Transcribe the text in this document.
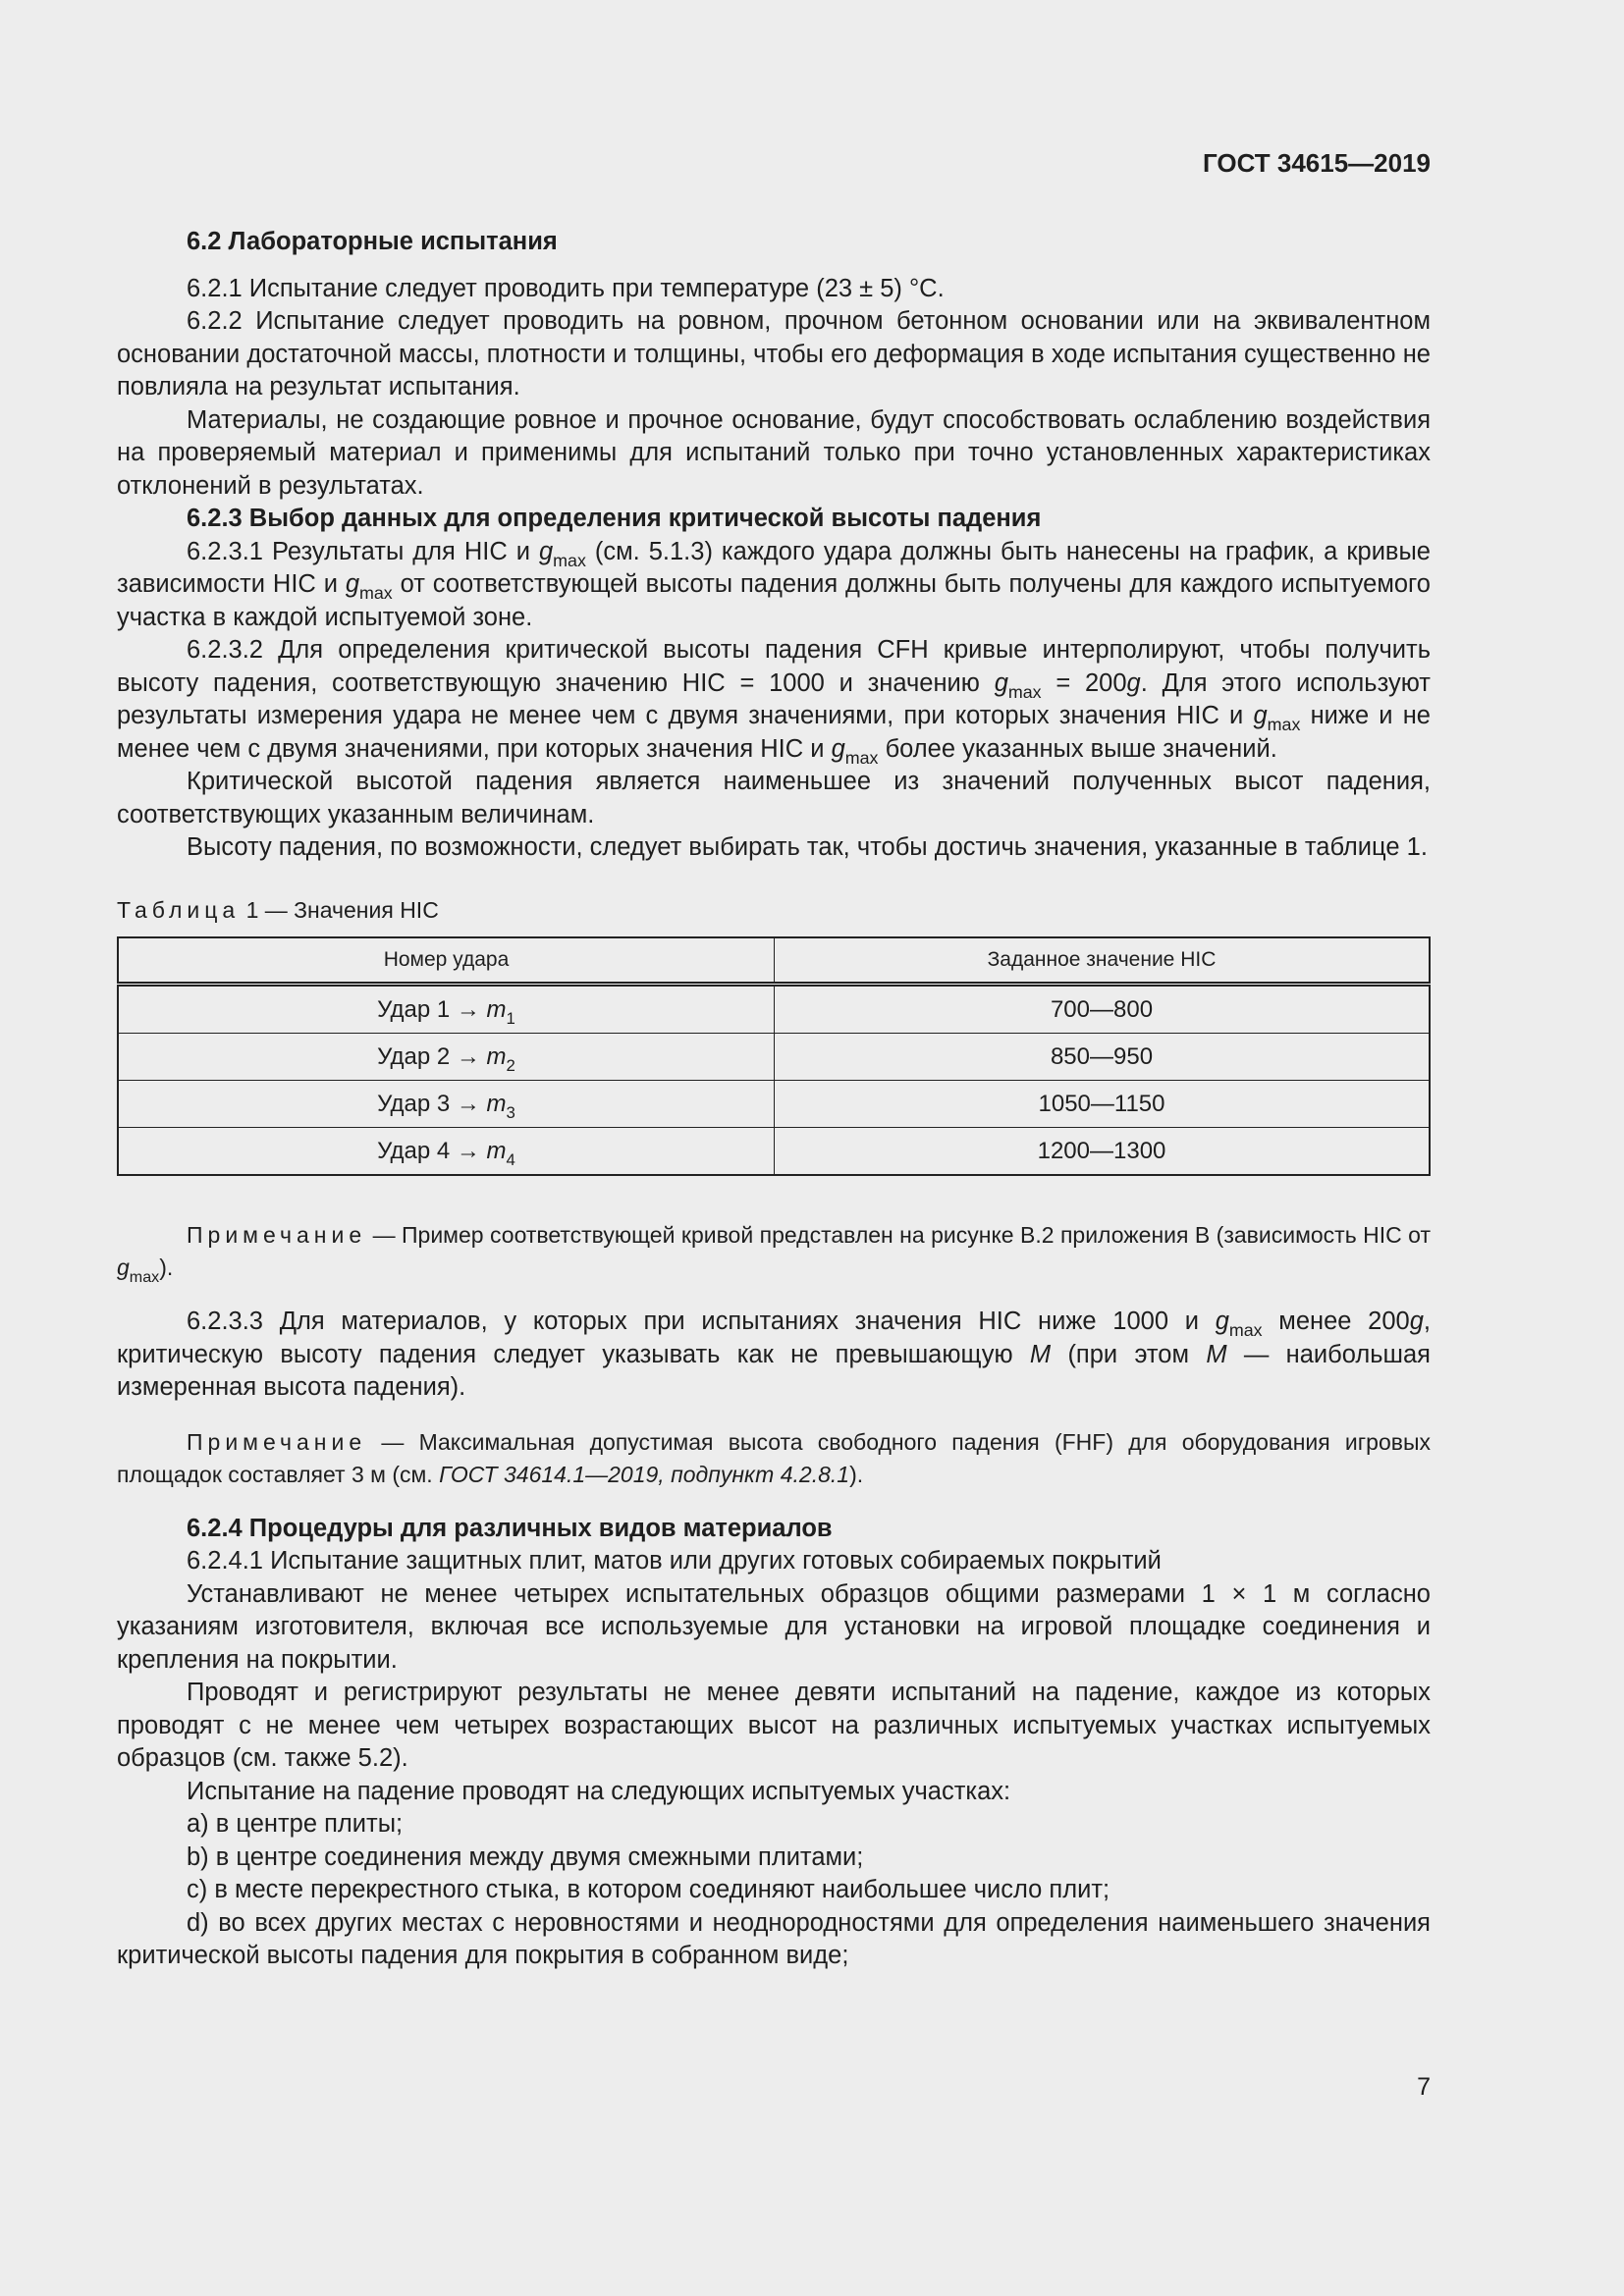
ГОСТ 34615—2019

6.2 Лабораторные испытания

6.2.1 Испытание следует проводить при температуре (23 ± 5) °С.

6.2.2 Испытание следует проводить на ровном, прочном бетонном основании или на эквивалентном основании достаточной массы, плотности и толщины, чтобы его деформация в ходе испытания существенно не повлияла на результат испытания.

Материалы, не создающие ровное и прочное основание, будут способствовать ослаблению воздействия на проверяемый материал и применимы для испытаний только при точно установленных характеристиках отклонений в результатах.

6.2.3 Выбор данных для определения критической высоты падения

6.2.3.1 Результаты для HIC и $g_{max}$ (см. 5.1.3) каждого удара должны быть нанесены на график, а кривые зависимости HIC и $g_{max}$ от соответствующей высоты падения должны быть получены для каждого испытуемого участка в каждой испытуемой зоне.

6.2.3.2 Для определения критической высоты падения CFH кривые интерполируют, чтобы получить высоту падения, соответствующую значению HIC = 1000 и значению $g_{max} = 200g$. Для этого используют результаты измерения удара не менее чем с двумя значениями, при которых значения HIC и $g_{max}$ ниже и не менее чем с двумя значениями, при которых значения HIC и $g_{max}$ более указанных выше значений.

Критической высотой падения является наименьшее из значений полученных высот падения, соответствующих указанным величинам.

Высоту падения, по возможности, следует выбирать так, чтобы достичь значения, указанные в таблице 1.

Таблица 1 — Значения HIC

Номер удара	Заданное значение HIC
Удар $1 \to m_1$	700—800
Удар $2 \to m_2$	850—950
Удар $3 \to m_3$	1050—1150
Удар $4 \to m_4$	1200—1300

Примечание — Пример соответствующей кривой представлен на рисунке B.2 приложения B (зависимость HIC от $g_{max}$).

6.2.3.3 Для материалов, у которых при испытаниях значения HIC ниже 1000 и $g_{max}$ менее 200g, критическую высоту падения следует указывать как не превышающую M (при этом M — наибольшая измеренная высота падения).

Примечание — Максимальная допустимая высота свободного падения (FHF) для оборудования игровых площадок составляет 3 м (см. ГОСТ 34614.1—2019, подпункт 4.2.8.1).

6.2.4 Процедуры для различных видов материалов

6.2.4.1 Испытание защитных плит, матов или других готовых собираемых покрытий

Устанавливают не менее четырех испытательных образцов общими размерами 1 × 1 м согласно указаниям изготовителя, включая все используемые для установки на игровой площадке соединения и крепления на покрытии.

Проводят и регистрируют результаты не менее девяти испытаний на падение, каждое из которых проводят с не менее чем четырех возрастающих высот на различных испытуемых участках испытуемых образцов (см. также 5.2).

Испытание на падение проводят на следующих испытуемых участках:

a) в центре плиты;

b) в центре соединения между двумя смежными плитами;

c) в месте перекрестного стыка, в котором соединяют наибольшее число плит;

d) во всех других местах с неровностями и неоднородностями для определения наименьшего значения критической высоты падения для покрытия в собранном виде;

7
